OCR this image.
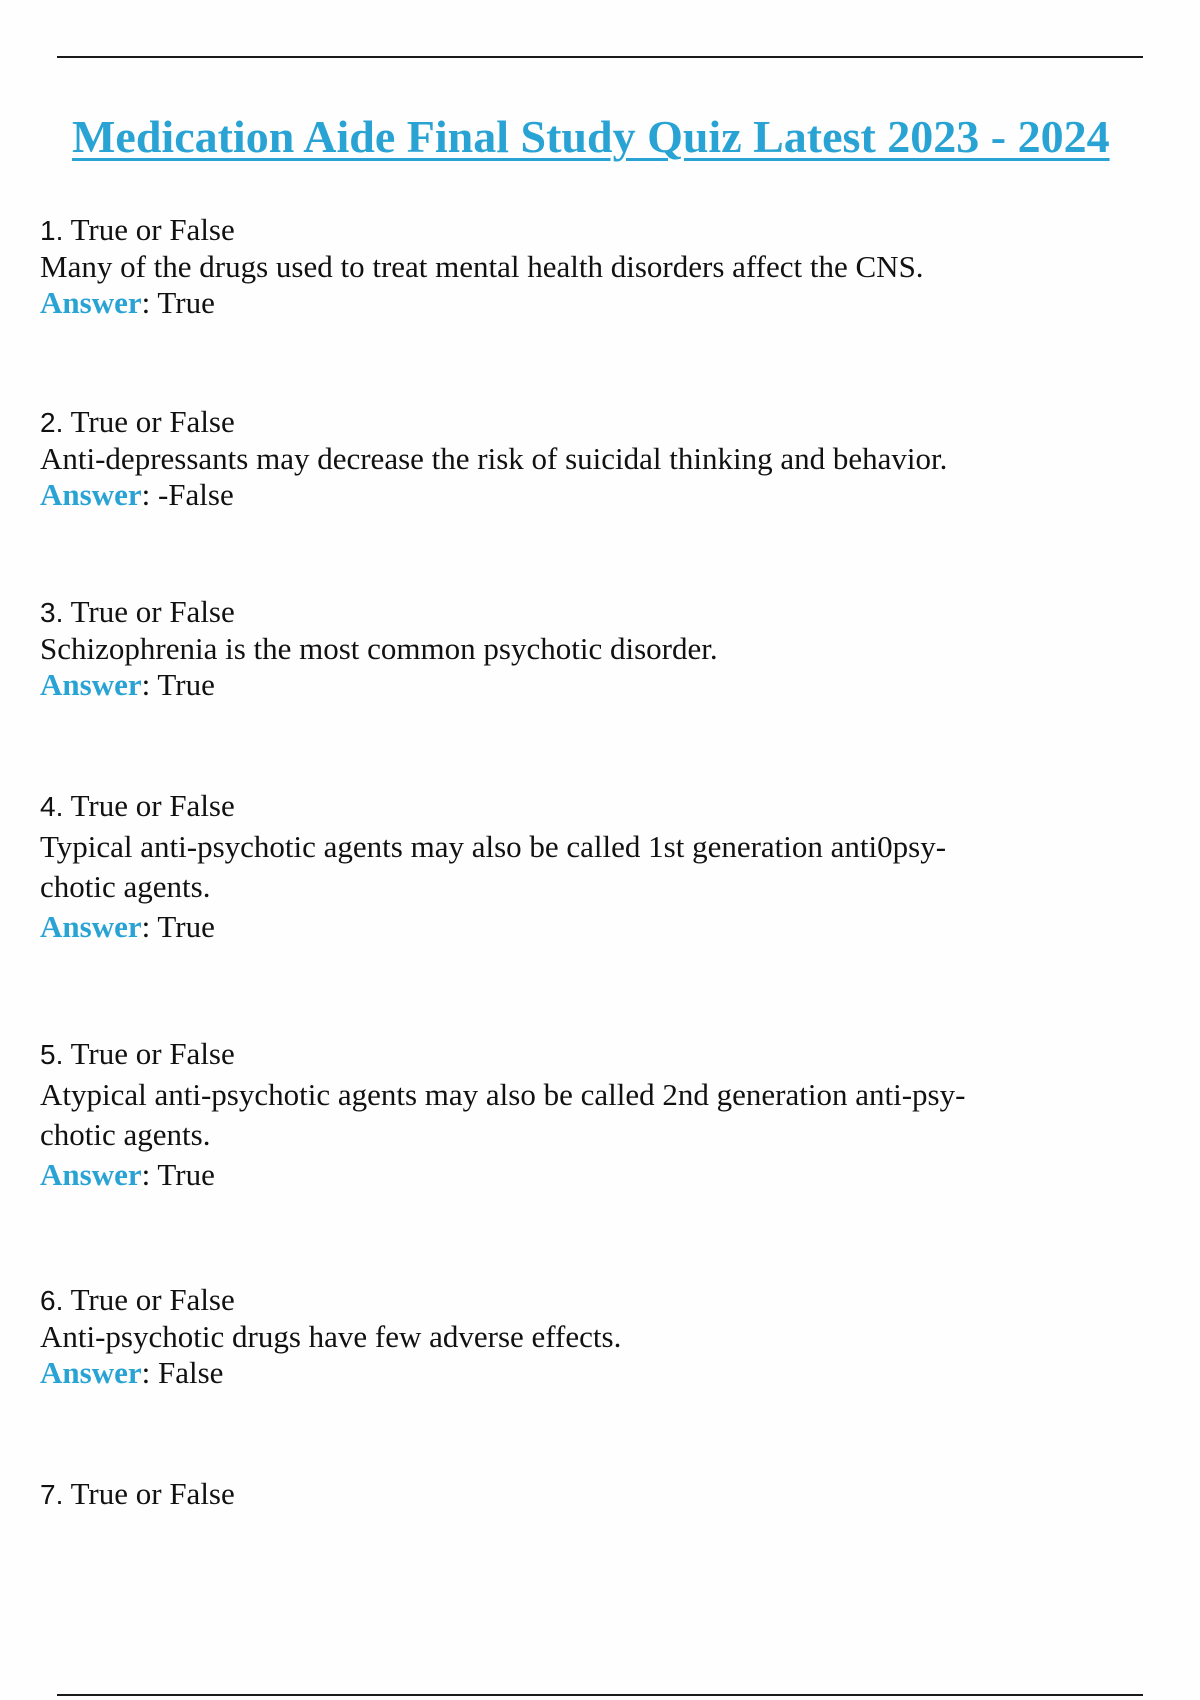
Medication Aide Final Study Quiz Latest 2023 - 2024
1. True or False
Many of the drugs used to treat mental health disorders affect the CNS.
Answer: True
2. True or False
Anti-depressants may decrease the risk of suicidal thinking and behavior.
Answer: -False
3. True or False
Schizophrenia is the most common psychotic disorder.
Answer: True
4. True or False
Typical anti-psychotic agents may also be called 1st generation anti0psy-
chotic agents.
Answer: True
5. True or False
Atypical anti-psychotic agents may also be called 2nd generation anti-psy-
chotic agents.
Answer: True
6. True or False
Anti-psychotic drugs have few adverse effects.
Answer: False
7. True or False
